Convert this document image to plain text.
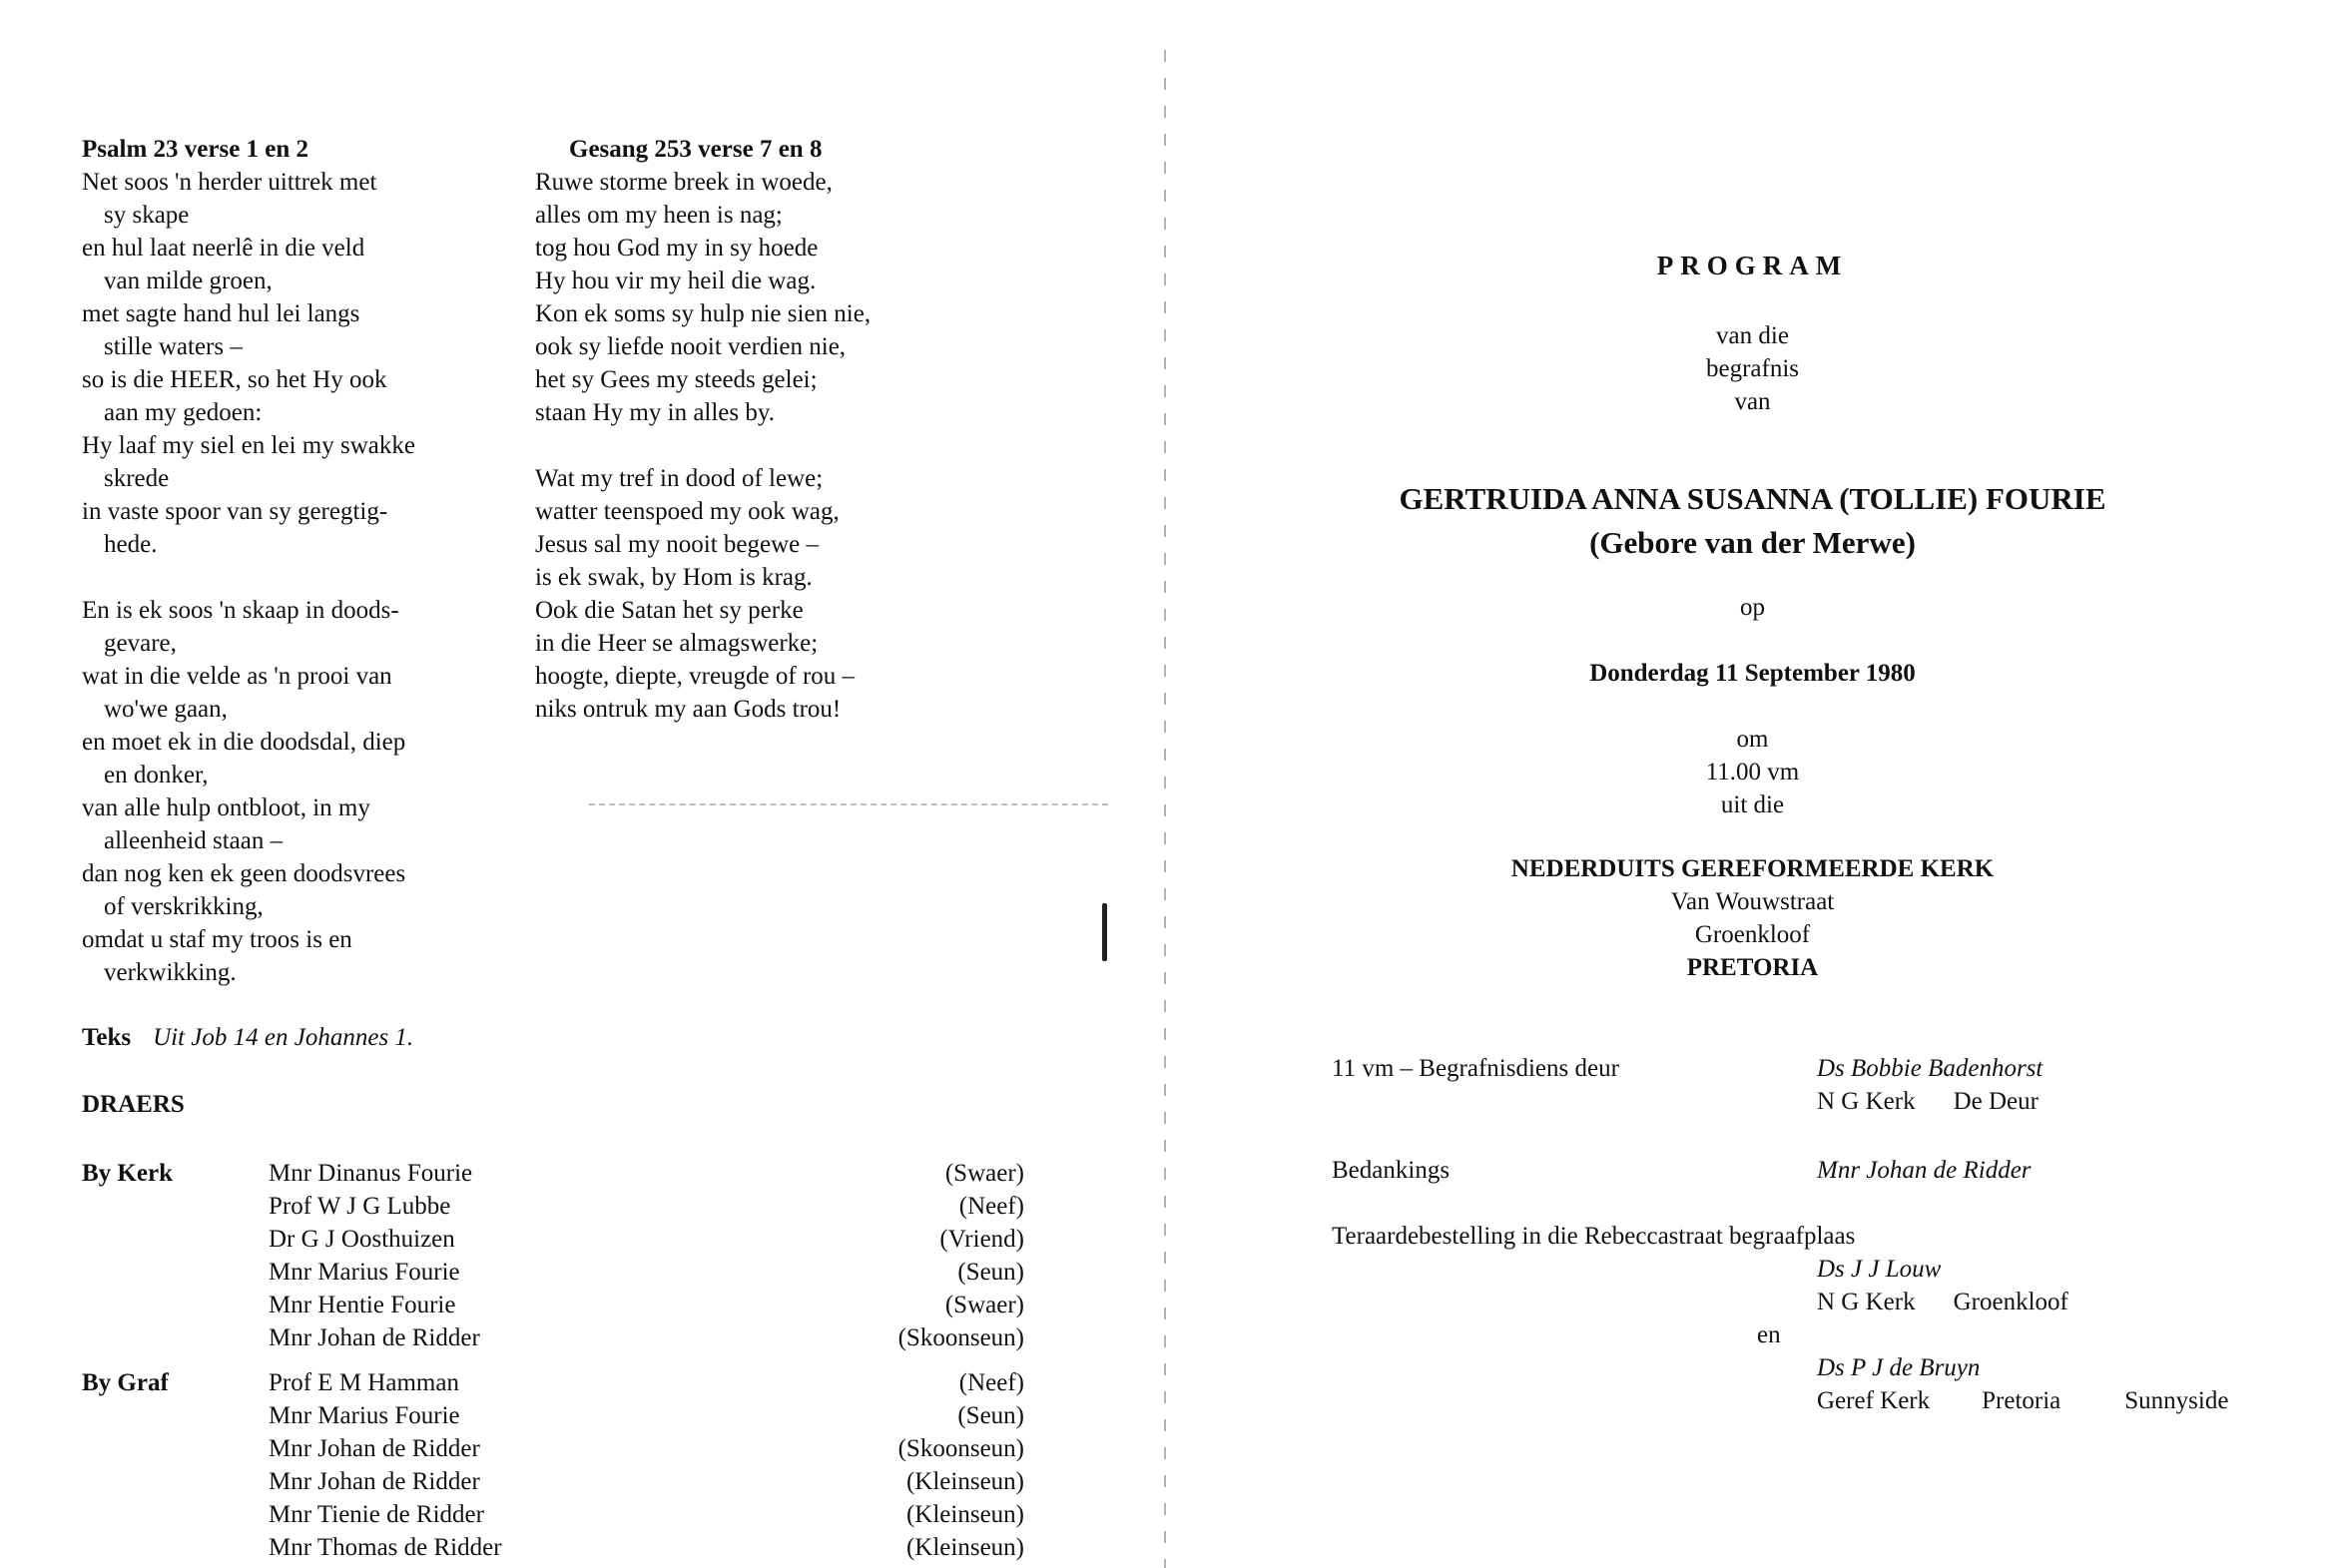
Psalm 23 verse 1 en 2

Net soos 'n herder uittrek met

sy skape

en hul laat neerlê in die veld

van milde groen,

met sagte hand hul lei langs

stille waters –

so is die HEER, so het Hy ook

aan my gedoen:

Hy laaf my siel en lei my swakke

skrede

in vaste spoor van sy geregtig-

hede.

En is ek soos 'n skaap in doods-

gevare,

wat in die velde as 'n prooi van

wo'we gaan,

en moet ek in die doodsdal, diep

en donker,

van alle hulp ontbloot, in my

alleenheid staan –

dan nog ken ek geen doodsvrees

of verskrikking,

omdat u staf my troos is en

verkwikking.

Gesang 253 verse 7 en 8

Ruwe storme breek in woede,

alles om my heen is nag;

tog hou God my in sy hoede

Hy hou vir my heil die wag.

Kon ek soms sy hulp nie sien nie,

ook sy liefde nooit verdien nie,

het sy Gees my steeds gelei;

staan Hy my in alles by.

Wat my tref in dood of lewe;

watter teenspoed my ook wag,

Jesus sal my nooit begewe –

is ek swak, by Hom is krag.

Ook die Satan het sy perke

in die Heer se almagswerke;

hoogte, diepte, vreugde of rou –

niks ontruk my aan Gods trou!

Teks Uit Job 14 en Johannes 1.
DRAERS
By Kerk	Mnr Dinanus Fourie	(Swaer)
Prof W J G Lubbe	(Neef)
Dr G J Oosthuizen	(Vriend)
Mnr Marius Fourie	(Seun)
Mnr Hentie Fourie	(Swaer)
Mnr Johan de Ridder	(Skoonseun)
By Graf	Prof E M Hamman	(Neef)
Mnr Marius Fourie	(Seun)
Mnr Johan de Ridder	(Skoonseun)
Mnr Johan de Ridder	(Kleinseun)
Mnr Tienie de Ridder	(Kleinseun)
Mnr Thomas de Ridder	(Kleinseun)
PROGRAM

van die

begrafnis

van

GERTRUIDA ANNA SUSANNA (TOLLIE) FOURIE

(Gebore van der Merwe)

op
Donderdag 11 September 1980

om

11.00 vm

uit die

NEDERDUITS GEREFORMEERDE KERK

Van Wouwstraat

Groenkloof

PRETORIA

11 vm – Begrafnisdiens deur	Ds Bobbie Badenhorst
N G Kerk De Deur
Bedankings	Mnr Johan de Ridder
Teraardebestelling in die Rebeccastraat begraafplaas
Ds J J Louw
N G Kerk Groenkloof
en
Ds P J de Bruyn
Geref Kerk Pretoria	Sunnyside
